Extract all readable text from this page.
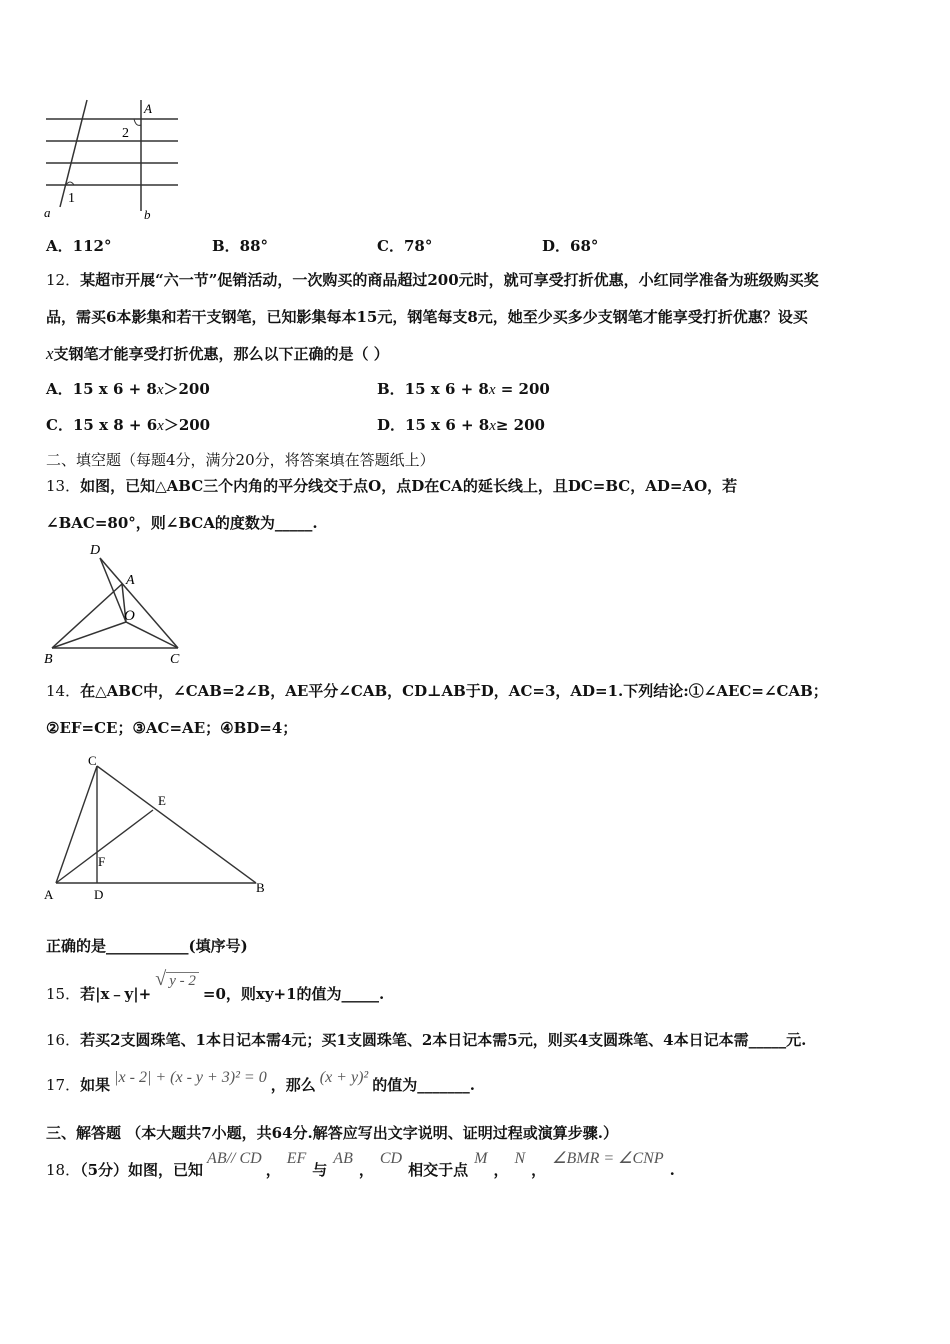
A
2
1
a	b
A．112°	B．88°	C．78°	D．68°
12．某超市开展“六一节”促销活动，一次购买的商品超过200元时，就可享受打折优惠，小红同学准备为班级购买奖
品，需买6本影集和若干支钢笔，已知影集每本15元，钢笔每支8元，她至少买多少支钢笔才能享受打折优惠？设买
x支钢笔才能享受打折优惠，那么以下正确的是（ ）
A．15 x 6 + 8x＞200	B．15 x 6 + 8x = 200
C．15 x 8 + 6x＞200	D．15 x 6 + 8x≥ 200
二、填空题（每题4分，满分20分，将答案填在答题纸上）
13．如图，已知△ABC三个内角的平分线交于点O，点D在CA的延长线上，且DC=BC，AD=AO，若
∠BAC=80°，则∠BCA的度数为_____.
D
A
O
B	C
14．在△ABC中，∠CAB=2∠B，AE平分∠CAB，CD⊥AB于D，AC=3，AD=1.下列结论:①∠AEC=∠CAB；
②EF=CE；③AC=AE；④BD=4；
C
E
F
A	D	B
正确的是___________(填序号)
15．若|x﹣y|+√ y - 2=0，则xy+1的值为_____.
16．若买2支圆珠笔、1本日记本需4元；买1支圆珠笔、2本日记本需5元，则买4支圆珠笔、4本日记本需_____元.
17．如果 |x - 2| + (x - y + 3)² = 0 ，那么 (x + y)² 的值为_______.
三、解答题 （本大题共7小题，共64分.解答应写出文字说明、证明过程或演算步骤.）
18．（5分）如图，已知AB// CD，EF与AB，CD相交于点M，N，∠BMR = ∠CNP.
